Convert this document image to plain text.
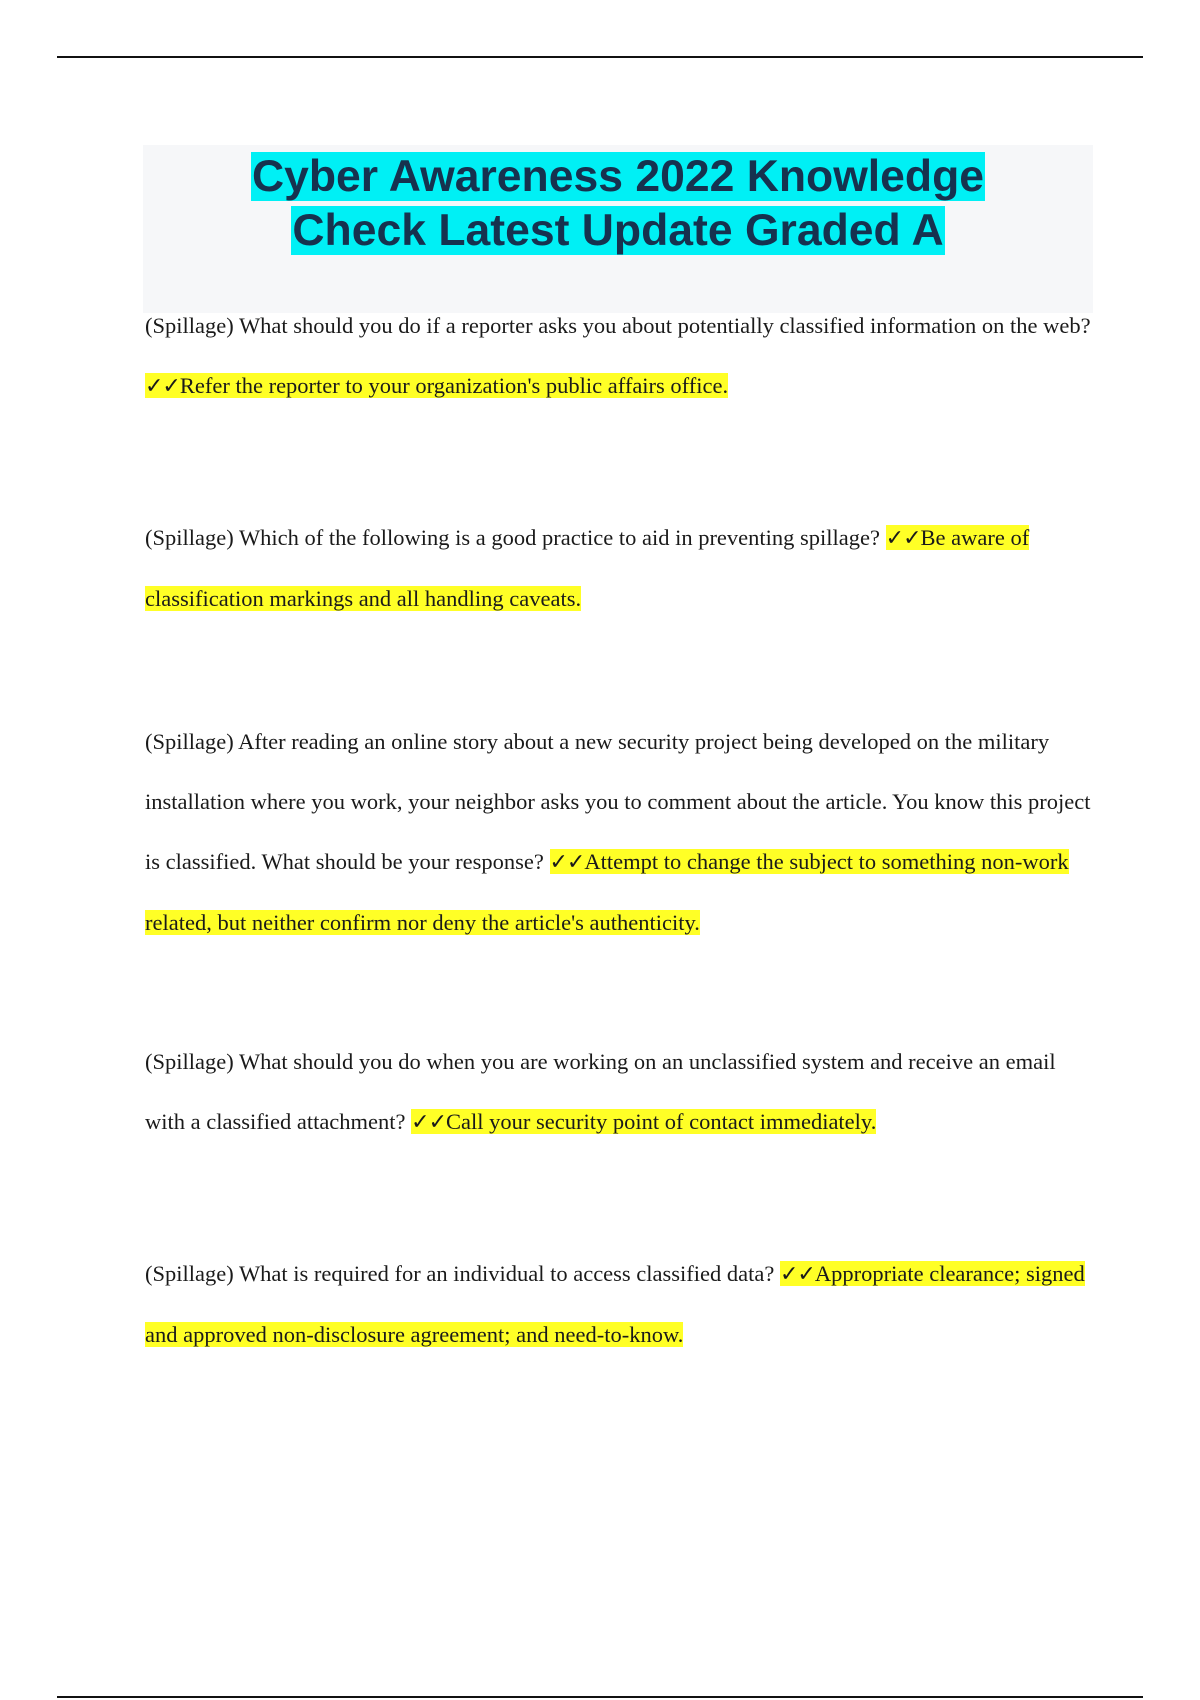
Cyber Awareness 2022 Knowledge
Check Latest Update Graded A

(Spillage) What should you do if a reporter asks you about potentially classified information on the web? ✓✓Refer the reporter to your organization's public affairs office.

(Spillage) Which of the following is a good practice to aid in preventing spillage? ✓✓Be aware of classification markings and all handling caveats.

(Spillage) After reading an online story about a new security project being developed on the military installation where you work, your neighbor asks you to comment about the article. You know this project is classified. What should be your response? ✓✓Attempt to change the subject to something non-work related, but neither confirm nor deny the article's authenticity.

(Spillage) What should you do when you are working on an unclassified system and receive an email with a classified attachment? ✓✓Call your security point of contact immediately.

(Spillage) What is required for an individual to access classified data? ✓✓Appropriate clearance; signed and approved non-disclosure agreement; and need-to-know.
